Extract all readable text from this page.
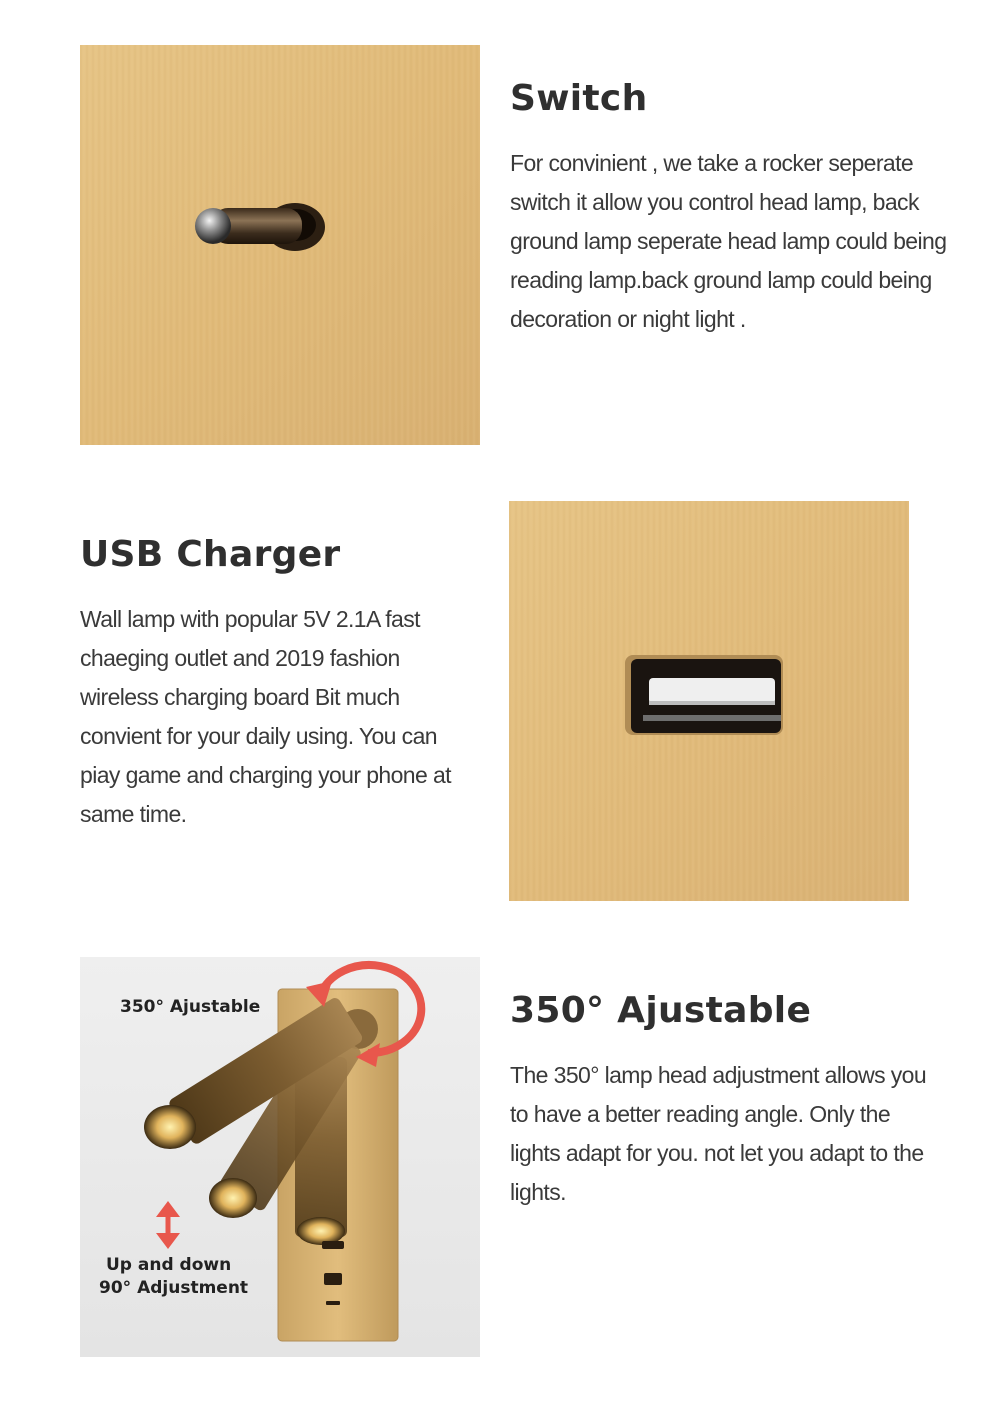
Switch

For convinient , we take a rocker seperate switch it allow you control head lamp, back ground lamp seperate head lamp could being reading lamp.back ground lamp could being decoration or night light .

USB Charger

Wall lamp with popular 5V 2.1A fast chaeging outlet and 2019 fashion wireless charging board Bit much convient for your daily using. You can piay game and charging your phone at same time.

350° Ajustable
Up and down
90° Adjustment
350° Ajustable

The 350° lamp head adjustment allows you to have a better reading angle. Only the lights adapt for you. not let you adapt to the lights.
